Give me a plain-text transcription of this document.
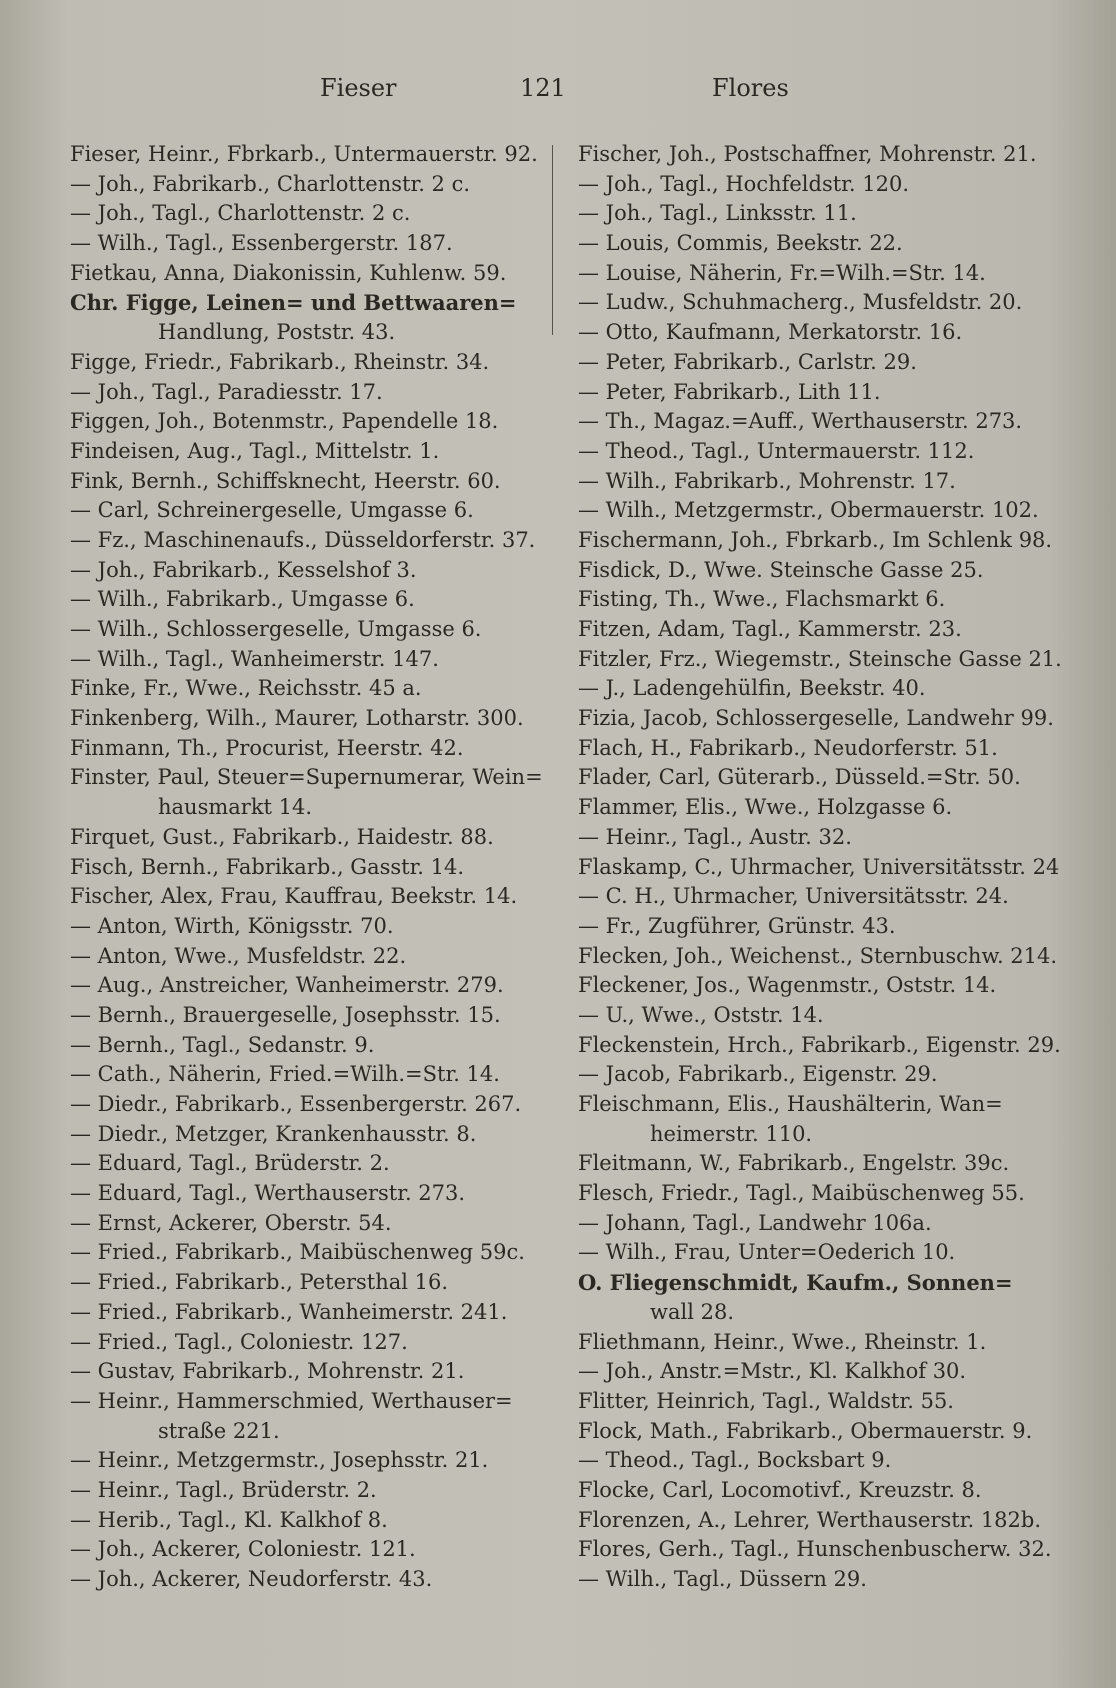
Fieser	121	Flores
Fieser, Heinr., Fbrkarb., Untermauerstr. 92.
— Joh., Fabrikarb., Charlottenstr. 2 c.
— Joh., Tagl., Charlottenstr. 2 c.
— Wilh., Tagl., Essenbergerstr. 187.
Fietkau, Anna, Diakonissin, Kuhlenw. 59.
Chr. Figge, Leinen= und Bettwaaren=
Handlung, Poststr. 43.
Figge, Friedr., Fabrikarb., Rheinstr. 34.
— Joh., Tagl., Paradiesstr. 17.
Figgen, Joh., Botenmstr., Papendelle 18.
Findeisen, Aug., Tagl., Mittelstr. 1.
Fink, Bernh., Schiffsknecht, Heerstr. 60.
— Carl, Schreinergeselle, Umgasse 6.
— Fz., Maschinenaufs., Düsseldorferstr. 37.
— Joh., Fabrikarb., Kesselshof 3.
— Wilh., Fabrikarb., Umgasse 6.
— Wilh., Schlossergeselle, Umgasse 6.
— Wilh., Tagl., Wanheimerstr. 147.
Finke, Fr., Wwe., Reichsstr. 45 a.
Finkenberg, Wilh., Maurer, Lotharstr. 300.
Finmann, Th., Procurist, Heerstr. 42.
Finster, Paul, Steuer=Supernumerar, Wein=
hausmarkt 14.
Firquet, Gust., Fabrikarb., Haidestr. 88.
Fisch, Bernh., Fabrikarb., Gasstr. 14.
Fischer, Alex, Frau, Kauffrau, Beekstr. 14.
— Anton, Wirth, Königsstr. 70.
— Anton, Wwe., Musfeldstr. 22.
— Aug., Anstreicher, Wanheimerstr. 279.
— Bernh., Brauergeselle, Josephsstr. 15.
— Bernh., Tagl., Sedanstr. 9.
— Cath., Näherin, Fried.=Wilh.=Str. 14.
— Diedr., Fabrikarb., Essenbergerstr. 267.
— Diedr., Metzger, Krankenhausstr. 8.
— Eduard, Tagl., Brüderstr. 2.
— Eduard, Tagl., Werthauserstr. 273.
— Ernst, Ackerer, Oberstr. 54.
— Fried., Fabrikarb., Maibüschenweg 59c.
— Fried., Fabrikarb., Petersthal 16.
— Fried., Fabrikarb., Wanheimerstr. 241.
— Fried., Tagl., Coloniestr. 127.
— Gustav, Fabrikarb., Mohrenstr. 21.
— Heinr., Hammerschmied, Werthauser=
straße 221.
— Heinr., Metzgermstr., Josephsstr. 21.
— Heinr., Tagl., Brüderstr. 2.
— Herib., Tagl., Kl. Kalkhof 8.
— Joh., Ackerer, Coloniestr. 121.
— Joh., Ackerer, Neudorferstr. 43.
Fischer, Joh., Postschaffner, Mohrenstr. 21.
— Joh., Tagl., Hochfeldstr. 120.
— Joh., Tagl., Linksstr. 11.
— Louis, Commis, Beekstr. 22.
— Louise, Näherin, Fr.=Wilh.=Str. 14.
— Ludw., Schuhmacherg., Musfeldstr. 20.
— Otto, Kaufmann, Merkatorstr. 16.
— Peter, Fabrikarb., Carlstr. 29.
— Peter, Fabrikarb., Lith 11.
— Th., Magaz.=Auff., Werthauserstr. 273.
— Theod., Tagl., Untermauerstr. 112.
— Wilh., Fabrikarb., Mohrenstr. 17.
— Wilh., Metzgermstr., Obermauerstr. 102.
Fischermann, Joh., Fbrkarb., Im Schlenk 98.
Fisdick, D., Wwe. Steinsche Gasse 25.
Fisting, Th., Wwe., Flachsmarkt 6.
Fitzen, Adam, Tagl., Kammerstr. 23.
Fitzler, Frz., Wiegemstr., Steinsche Gasse 21.
— J., Ladengehülfin, Beekstr. 40.
Fizia, Jacob, Schlossergeselle, Landwehr 99.
Flach, H., Fabrikarb., Neudorferstr. 51.
Flader, Carl, Güterarb., Düsseld.=Str. 50.
Flammer, Elis., Wwe., Holzgasse 6.
— Heinr., Tagl., Austr. 32.
Flaskamp, C., Uhrmacher, Universitätsstr. 24
— C. H., Uhrmacher, Universitätsstr. 24.
— Fr., Zugführer, Grünstr. 43.
Flecken, Joh., Weichenst., Sternbuschw. 214.
Fleckener, Jos., Wagenmstr., Oststr. 14.
— U., Wwe., Oststr. 14.
Fleckenstein, Hrch., Fabrikarb., Eigenstr. 29.
— Jacob, Fabrikarb., Eigenstr. 29.
Fleischmann, Elis., Haushälterin, Wan=
heimerstr. 110.
Fleitmann, W., Fabrikarb., Engelstr. 39c.
Flesch, Friedr., Tagl., Maibüschenweg 55.
— Johann, Tagl., Landwehr 106a.
— Wilh., Frau, Unter=Oederich 10.
O. Fliegenschmidt, Kaufm., Sonnen=
wall 28.
Fliethmann, Heinr., Wwe., Rheinstr. 1.
— Joh., Anstr.=Mstr., Kl. Kalkhof 30.
Flitter, Heinrich, Tagl., Waldstr. 55.
Flock, Math., Fabrikarb., Obermauerstr. 9.
— Theod., Tagl., Bocksbart 9.
Flocke, Carl, Locomotivf., Kreuzstr. 8.
Florenzen, A., Lehrer, Werthauserstr. 182b.
Flores, Gerh., Tagl., Hunschenbuscherw. 32.
— Wilh., Tagl., Düssern 29.
